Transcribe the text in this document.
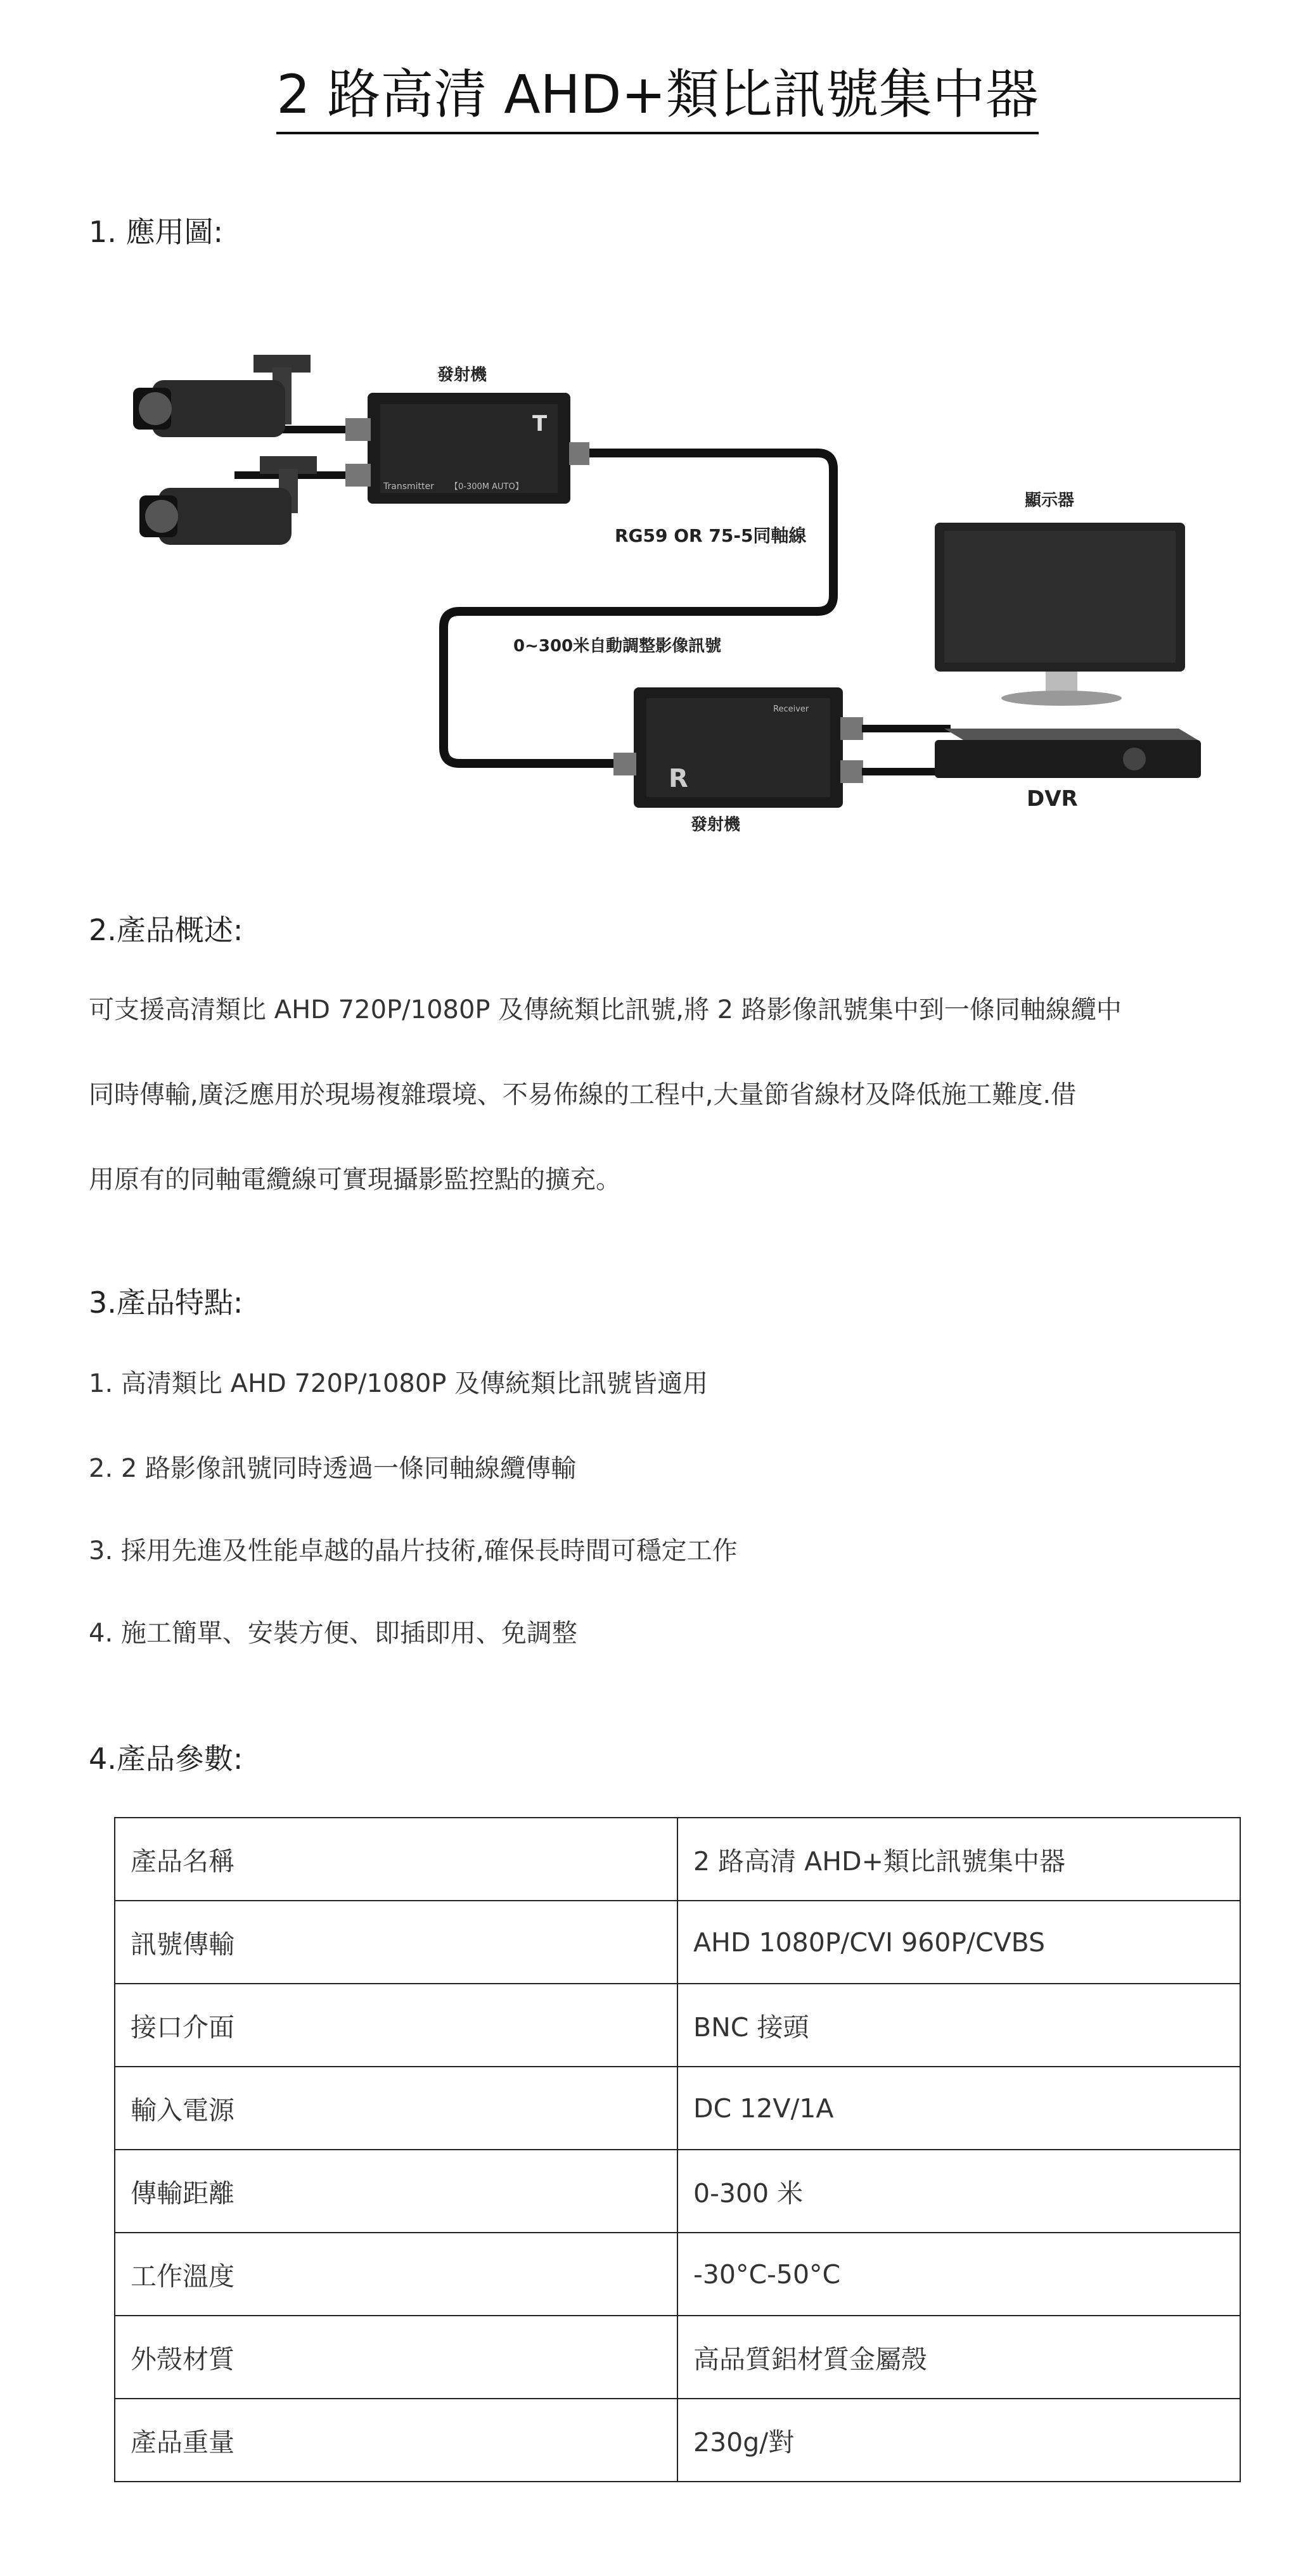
2 路高清 AHD+類比訊號集中器
1. 應用圖:
T
Transmitter 【0-300M AUTO】
發射機
RG59 OR 75-5同軸線
0~300米自動調整影像訊號
R
Receiver
發射機
顯示器
DVR
2.產品概述:
可支援高清類比 AHD 720P/1080P 及傳統類比訊號,將 2 路影像訊號集中到一條同軸線纜中
同時傳輸,廣泛應用於現場複雜環境、不易佈線的工程中,大量節省線材及降低施工難度.借
用原有的同軸電纜線可實現攝影監控點的擴充。
3.產品特點:
1. 高清類比 AHD 720P/1080P 及傳統類比訊號皆適用
2. 2 路影像訊號同時透過一條同軸線纜傳輸
3. 採用先進及性能卓越的晶片技術,確保長時間可穩定工作
4. 施工簡單、安裝方便、即插即用、免調整
4.產品參數:
產品名稱	2 路高清 AHD+類比訊號集中器
訊號傳輸	AHD 1080P/CVI 960P/CVBS
接口介面	BNC 接頭
輸入電源	DC 12V/1A
傳輸距離	0-300 米
工作溫度	-30°C-50°C
外殼材質	高品質鋁材質金屬殼
產品重量	230g/對
